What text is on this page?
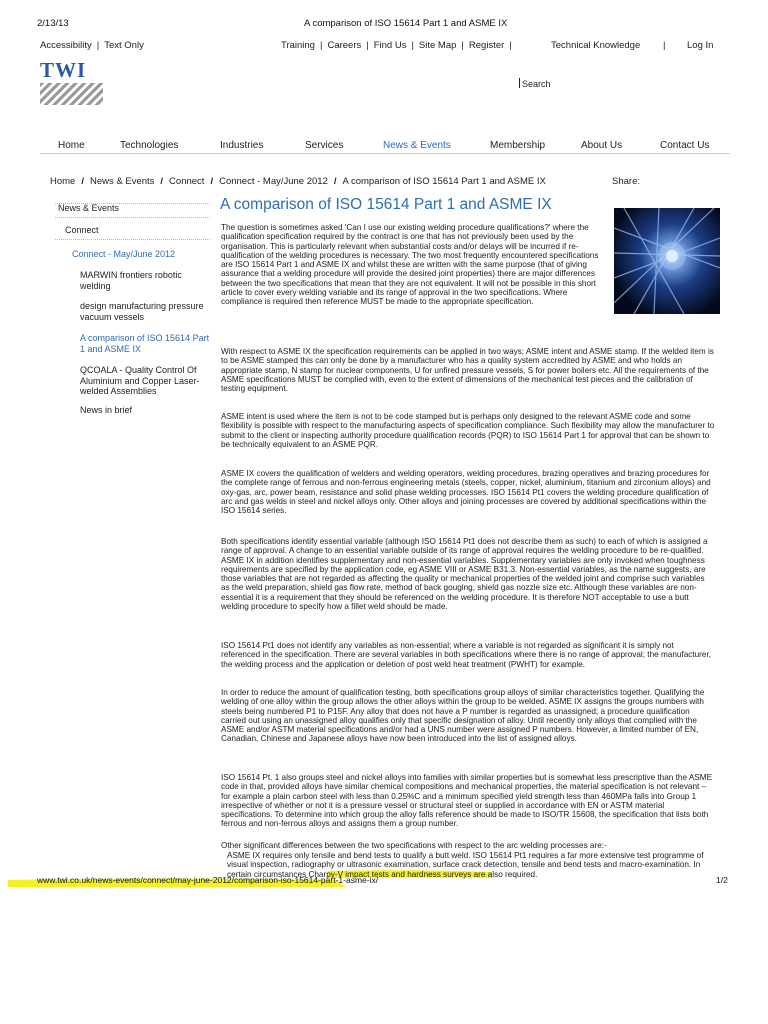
2/13/13	A comparison of ISO 15614 Part 1 and ASME IX
Accessibility | Text Only	Training | Careers | Find Us | Site Map | Register |	Technical Knowledge | Log In
TWI
Search
Home	Technologies	Industries	Services	News & Events	Membership	About Us	Contact Us
Home / News & Events / Connect / Connect - May/June 2012 / A comparison of ISO 15614 Part 1 and ASME IX	Share:
News & Events
Connect
Connect - May/June 2012
MARWIN frontiers robotic welding
design manufacturing pressure vacuum vessels
A comparison of ISO 15614 Part 1 and ASME IX
QCOALA - Quality Control Of Aluminium and Copper Laser-welded Assemblies
News in brief
A comparison of ISO 15614 Part 1 and ASME IX
The question is sometimes asked 'Can I use our existing welding procedure qualifications?' where the qualification specification required by the contract is one that has not previously been used by the organisation. This is particularly relevant when substantial costs and/or delays will be incurred if re-qualification of the welding procedures is necessary. The two most frequently encountered specifications are ISO 15614 Part 1 and ASME IX and whilst these are written with the same purpose (that of giving assurance that a welding procedure will provide the desired joint properties) there are major differences between the two specifications that mean that they are not equivalent. It will not be possible in this short article to cover every welding variable and its range of approval in the two specifications. Where compliance is required then reference MUST be made to the appropriate specification.
With respect to ASME IX the specification requirements can be applied in two ways; ASME intent and ASME stamp. If the welded item is to be ASME stamped this can only be done by a manufacturer who has a quality system accredited by ASME and who holds an appropriate stamp, N stamp for nuclear components, U for unfired pressure vessels, S for power boilers etc. All the requirements of the ASME specifications MUST be complied with, even to the extent of dimensions of the mechanical test pieces and the calibration of testing equipment.
ASME intent is used where the item is not to be code stamped but is perhaps only designed to the relevant ASME code and some flexibility is possible with respect to the manufacturing aspects of specification compliance. Such flexibility may allow the manufacturer to submit to the client or inspecting authority procedure qualification records (PQR) to ISO 15614 Part 1 for approval that can be shown to be technically equivalent to an ASME PQR.
ASME IX covers the qualification of welders and welding operators, welding procedures, brazing operatives and brazing procedures for the complete range of ferrous and non-ferrous engineering metals (steels, copper, nickel, aluminium, titanium and zirconium alloys) and oxy-gas, arc, power beam, resistance and solid phase welding processes. ISO 15614 Pt1 covers the welding procedure qualification of arc and gas welds in steel and nickel alloys only. Other alloys and joining processes are covered by additional specifications within the ISO 15614 series.
Both specifications identify essential variable (although ISO 15614 Pt1 does not describe them as such) to each of which is assigned a range of approval. A change to an essential variable outside of its range of approval requires the welding procedure to be re-qualified. ASME IX in addition identifies supplementary and non-essential variables. Supplementary variables are only invoked when toughness requirements are specified by the application code, eg ASME VIII or ASME B31.3. Non-essential variables, as the name suggests, are those variables that are not regarded as affecting the quality or mechanical properties of the welded joint and comprise such variables as the weld preparation, shield gas flow rate, method of back gouging, shield gas nozzle size etc. Although these variables are non-essential it is a requirement that they should be referenced on the welding procedure. It is therefore NOT acceptable to use a butt welding procedure to specify how a fillet weld should be made.
ISO 15614 Pt1 does not identify any variables as non-essential; where a variable is not regarded as significant it is simply not referenced in the specification. There are several variables in both specifications where there is no range of approval; the manufacturer, the welding process and the application or deletion of post weld heat treatment (PWHT) for example.
In order to reduce the amount of qualification testing, both specifications group alloys of similar characteristics together. Qualifying the welding of one alloy within the group allows the other alloys within the group to be welded. ASME IX assigns the groups numbers with steels being numbered P1 to P15F. Any alloy that does not have a P number is regarded as unassigned; a procedure qualification carried out using an unassigned alloy qualifies only that specific designation of alloy. Until recently only alloys that complied with the ASME and/or ASTM material specifications and/or had a UNS number were assigned P numbers. However, a limited number of EN, Canadian, Chinese and Japanese alloys have now been introduced into the list of assigned alloys.
ISO 15614 Pt. 1 also groups steel and nickel alloys into families with similar properties but is somewhat less prescriptive than the ASME code in that, provided alloys have similar chemical compositions and mechanical properties, the material specification is not relevant – for example a plain carbon steel with less than 0.25%C and a minimum specified yield strength less than 460MPa falls into Group 1 irrespective of whether or not it is a pressure vessel or structural steel or supplied in accordance with EN or ASTM material specifications. To determine into which group the alloy falls reference should be made to ISO/TR 15608, the specification that lists both ferrous and non-ferrous alloys and assigns them a group number.
Other significant differences between the two specifications with respect to the arc welding processes are:-
ASME IX requires only tensile and bend tests to qualify a butt weld. ISO 15614 Pt1 requires a far more extensive test programme of visual inspection, radiography or ultrasonic examination, surface crack detection, tensile and bend tests and macro-examination. In certain circumstances Charpy-V impact tests and hardness surveys are also required.
www.twi.co.uk/news-events/connect/may-june-2012/comparison-iso-15614-part-1-asme-ix/	1/2
